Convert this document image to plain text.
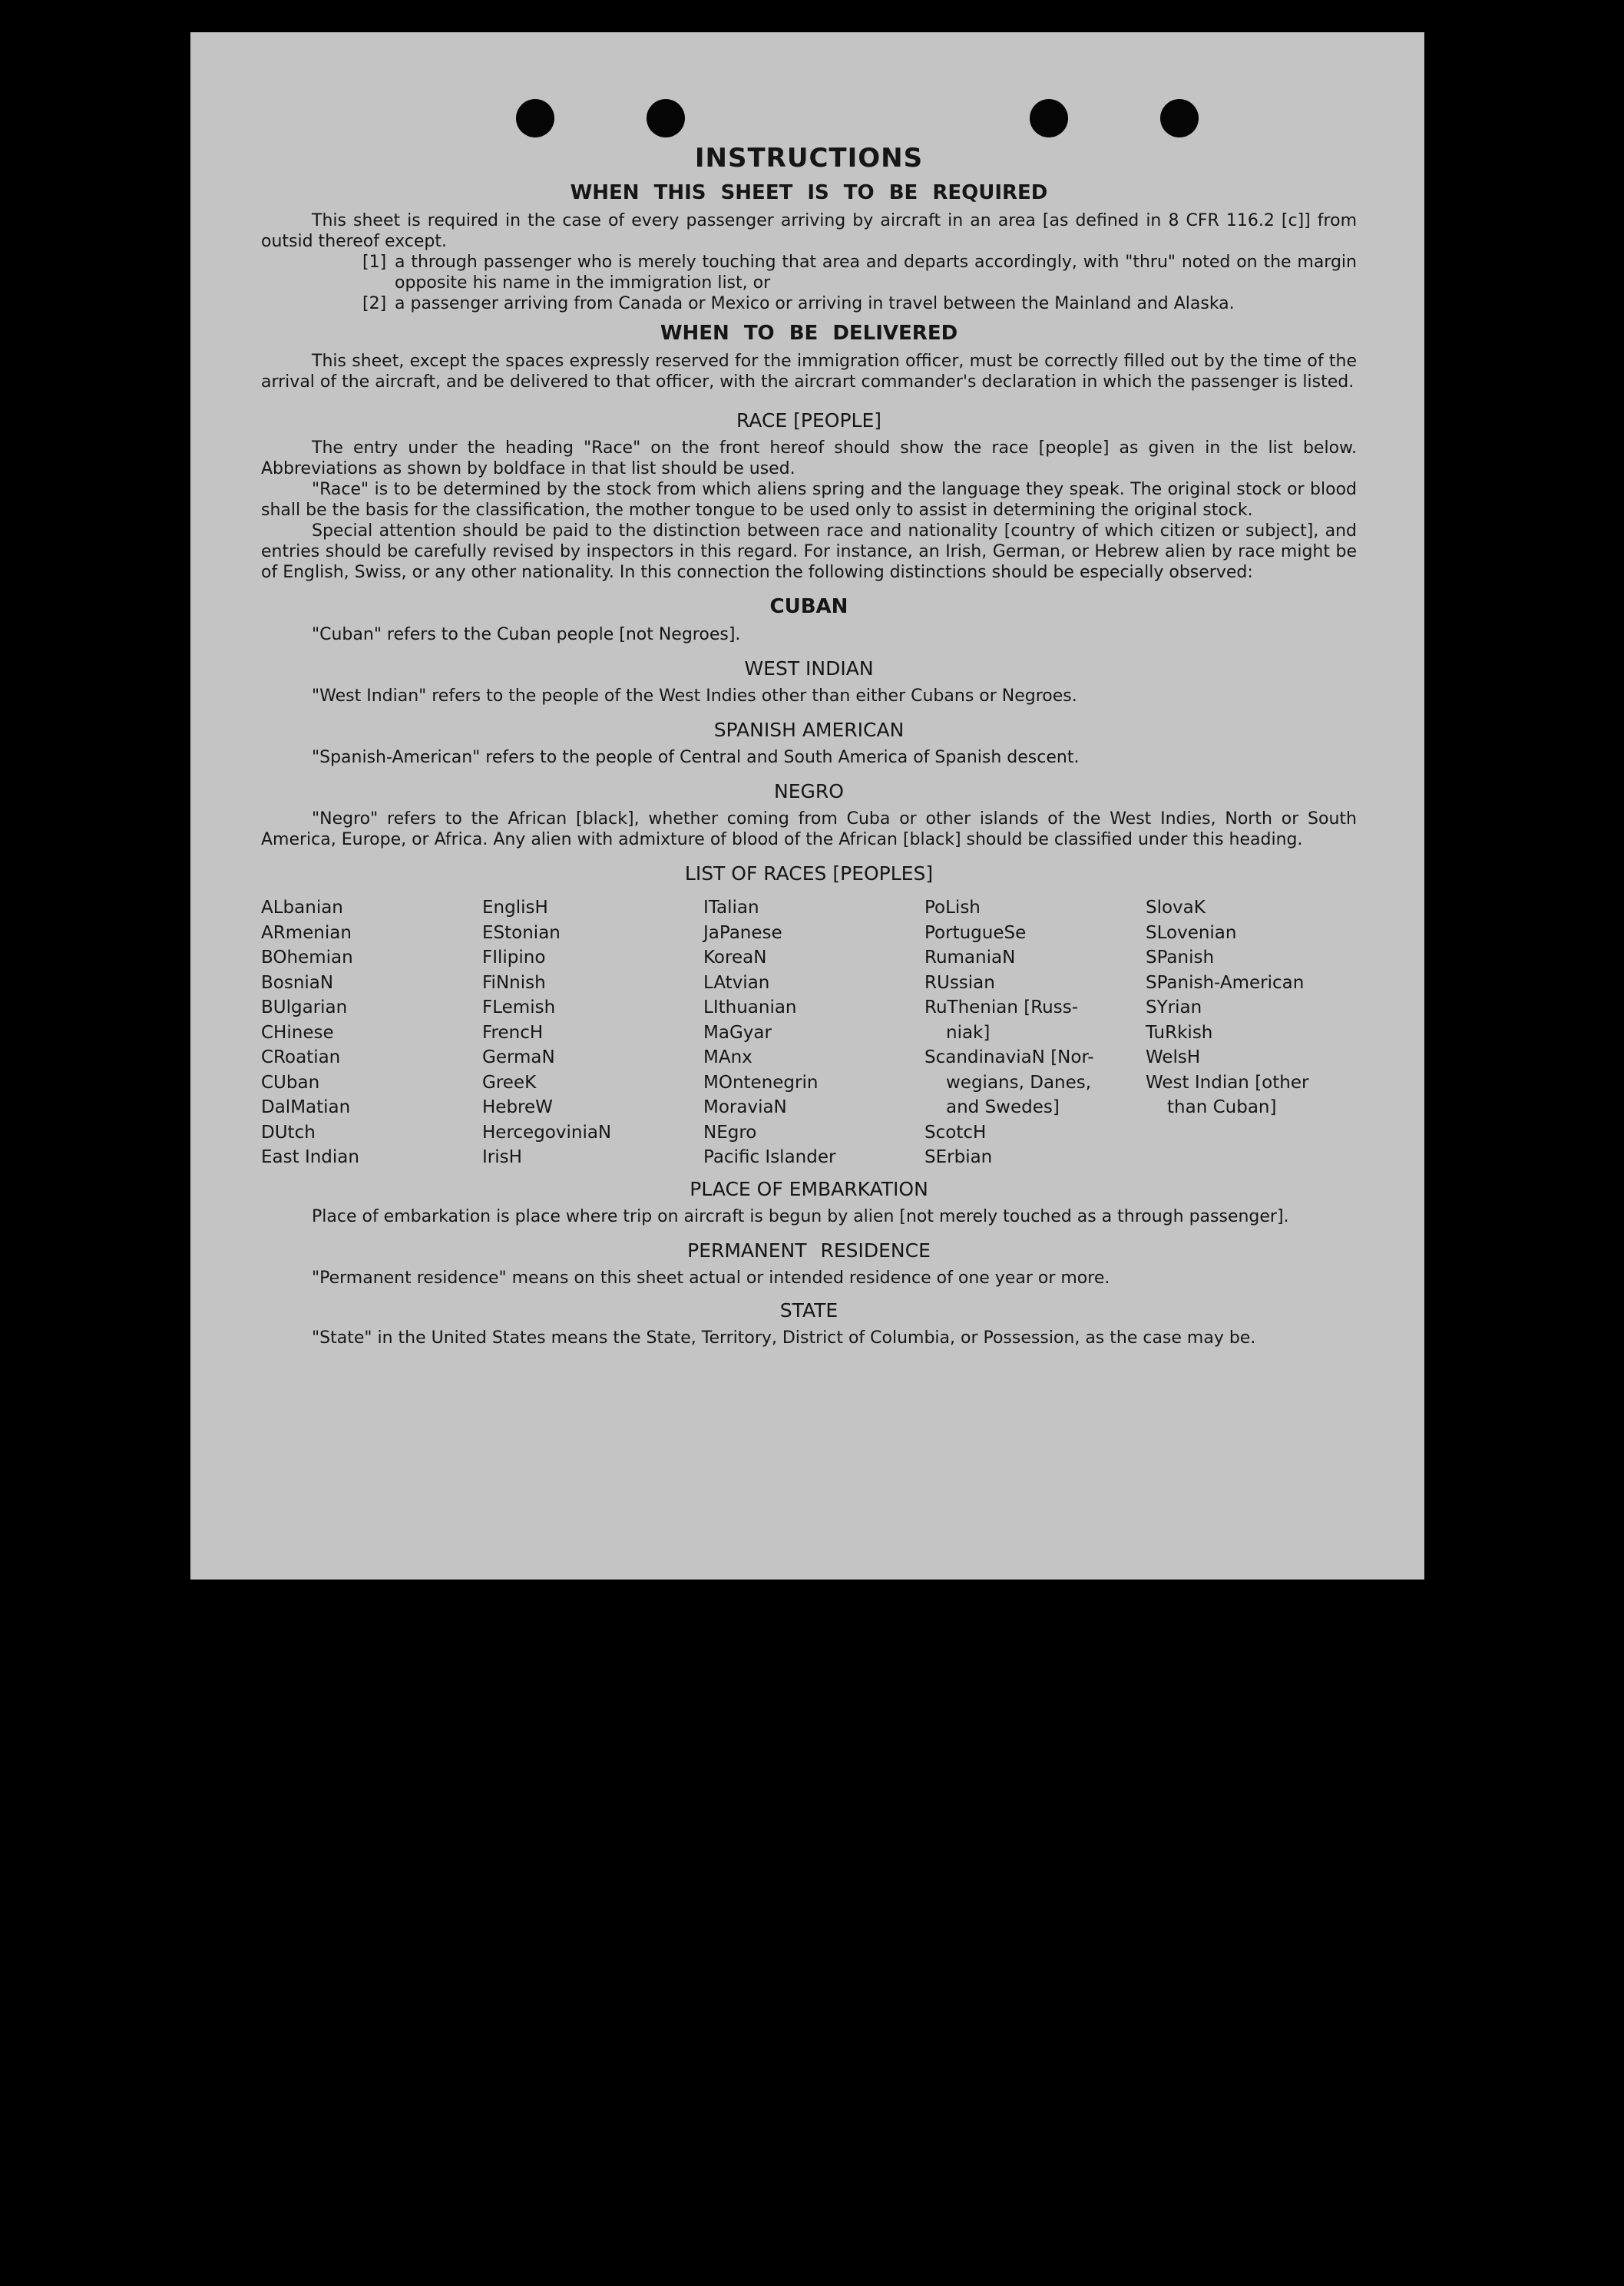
INSTRUCTIONS
WHEN THIS SHEET IS TO BE REQUIRED

This sheet is required in the case of every passenger arriving by aircraft in an area [as defined in 8 CFR 116.2 [c]] from outsid thereof except.

[1] a through passenger who is merely touching that area and departs accordingly, with "thru" noted on the margin opposite his name in the immigration list, or
[2] a passenger arriving from Canada or Mexico or arriving in travel between the Mainland and Alaska.
WHEN TO BE DELIVERED

This sheet, except the spaces expressly reserved for the immigration officer, must be correctly filled out by the time of the arrival of the aircraft, and be delivered to that officer, with the aircrart commander's declaration in which the passenger is listed.

RACE [PEOPLE]

The entry under the heading "Race" on the front hereof should show the race [people] as given in the list below. Abbreviations as shown by boldface in that list should be used.

"Race" is to be determined by the stock from which aliens spring and the language they speak. The original stock or blood shall be the basis for the classification, the mother tongue to be used only to assist in determining the original stock.

Special attention should be paid to the distinction between race and nationality [country of which citizen or subject], and entries should be carefully revised by inspectors in this regard. For instance, an Irish, German, or Hebrew alien by race might be of English, Swiss, or any other nationality. In this connection the following distinctions should be especially observed:

CUBAN

"Cuban" refers to the Cuban people [not Negroes].

WEST INDIAN

"West Indian" refers to the people of the West Indies other than either Cubans or Negroes.

SPANISH AMERICAN

"Spanish-American" refers to the people of Central and South America of Spanish descent.

NEGRO

"Negro" refers to the African [black], whether coming from Cuba or other islands of the West Indies, North or South America, Europe, or Africa. Any alien with admixture of blood of the African [black] should be classified under this heading.

LIST OF RACES [PEOPLES]
ALbanian
ARmenian
BOhemian
BosniaN
BUlgarian
CHinese
CRoatian
CUban
DalMatian
DUtch
East Indian
EnglisH
EStonian
FIlipino
FiNnish
FLemish
FrencH
GermaN
GreeK
HebreW
HercegoviniaN
IrisH
ITalian
JaPanese
KoreaN
LAtvian
LIthuanian
MaGyar
MAnx
MOntenegrin
MoraviaN
NEgro
Pacific Islander
PoLish
PortugueSe
RumaniaN
RUssian
RuThenian [Russ-
niak]
ScandinaviaN [Nor-
wegians, Danes,
and Swedes]
ScotcH
SErbian
SlovaK
SLovenian
SPanish
SPanish-American
SYrian
TuRkish
WelsH
West Indian [other
than Cuban]
PLACE OF EMBARKATION

Place of embarkation is place where trip on aircraft is begun by alien [not merely touched as a through passenger].

PERMANENT RESIDENCE

"Permanent residence" means on this sheet actual or intended residence of one year or more.

STATE

"State" in the United States means the State, Territory, District of Columbia, or Possession, as the case may be.
